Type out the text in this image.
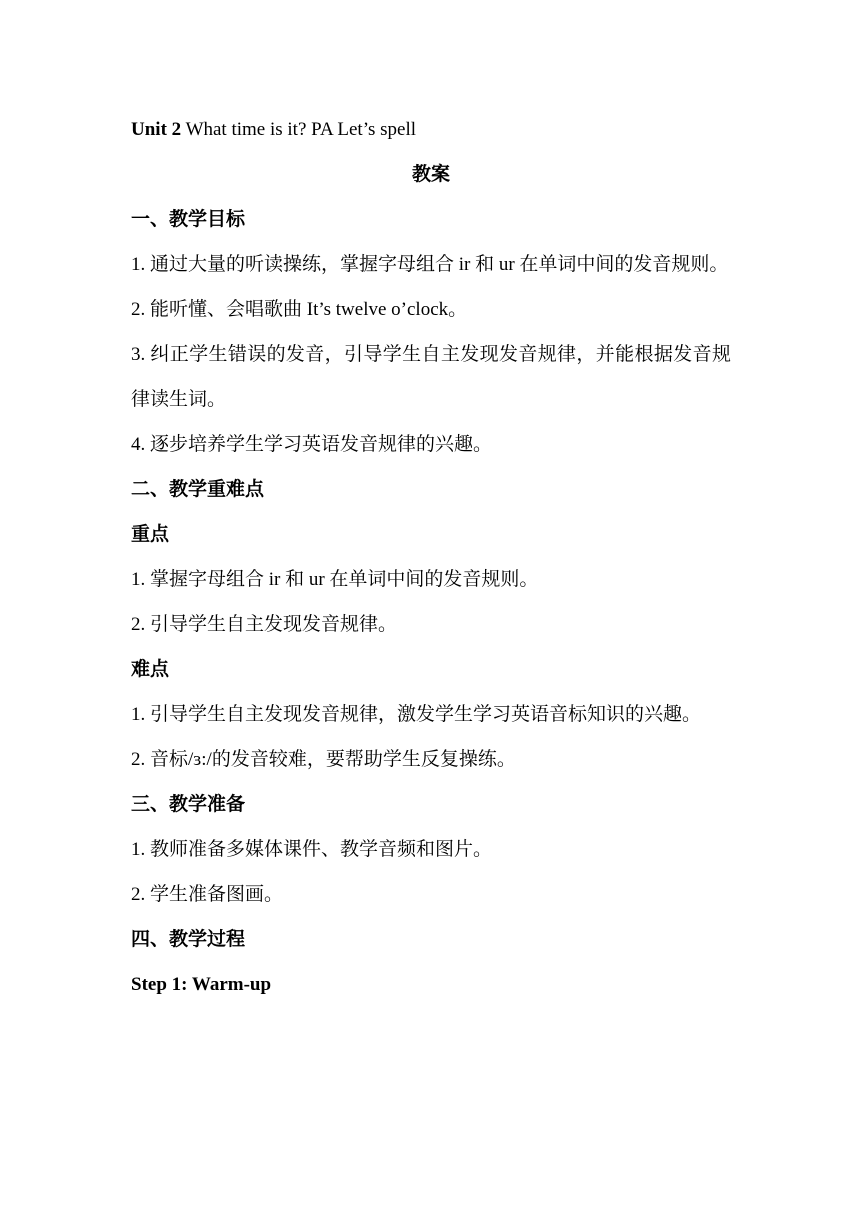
Unit 2 What time is it? PA Let’s spell
教案
一、教学目标
1. 通过大量的听读操练，掌握字母组合 ir 和 ur 在单词中间的发音规则。
2. 能听懂、会唱歌曲 It’s twelve o’clock。
3. 纠正学生错误的发音，引导学生自主发现发音规律，并能根据发音规律读生词。
4. 逐步培养学生学习英语发音规律的兴趣。
二、教学重难点
重点
1. 掌握字母组合 ir 和 ur 在单词中间的发音规则。
2. 引导学生自主发现发音规律。
难点
1. 引导学生自主发现发音规律，激发学生学习英语音标知识的兴趣。
2. 音标/ɜ:/的发音较难，要帮助学生反复操练。
三、教学准备
1. 教师准备多媒体课件、教学音频和图片。
2. 学生准备图画。
四、教学过程
Step 1: Warm-up
